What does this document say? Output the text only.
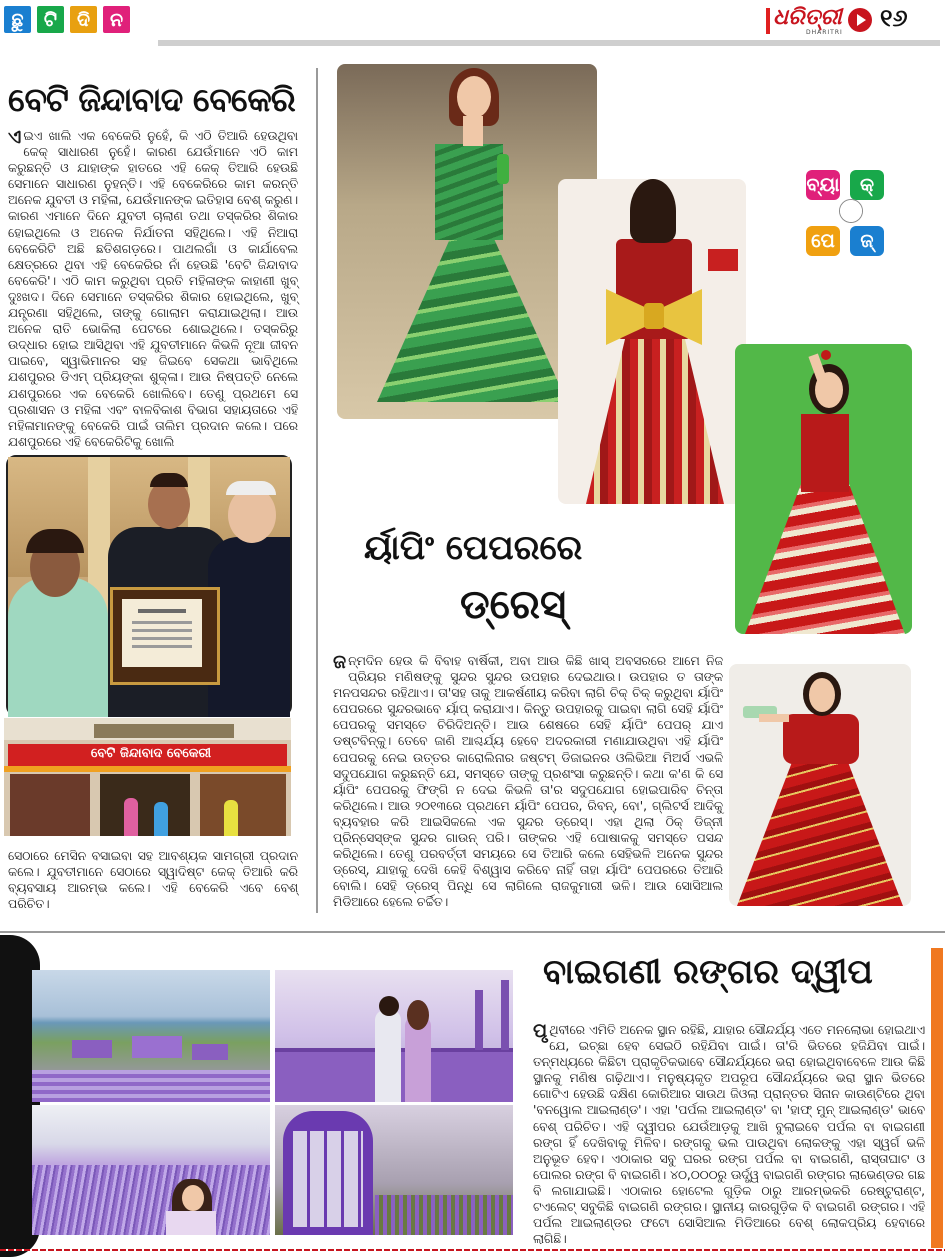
ଛୁ	ଟି	ଦି	ନ	ଧରିତ୍ରୀ
DHARITRI
୧୬
ବେଟି ଜିନ୍ଦାବାଦ ବେକେରି
ଏଇଏ ଖାଲି ଏକ ବେକେରି ନୁହେଁ, କି ଏଠି ତିଆରି ହେଉଥିବା କେକ୍ ସାଧାରଣ ନୁହେଁ। କାରଣ ଯେଉଁମାନେ ଏଠି କାମ କରୁଛନ୍ତି ଓ ଯାହାଙ୍କ ହାତରେ ଏହି କେକ୍ ତିଆରି ହେଉଛି ସେମାନେ ସାଧାରଣ ନୁହନ୍ତି। ଏହି ବେକେରିରେ କାମ କରନ୍ତି ଅନେକ ଯୁବତୀ ଓ ମହିଳା, ଯେଉଁମାନଙ୍କ ଇତିହାସ ବେଶ୍ କରୁଣ। କାରଣ ଏମାନେ ଦିନେ ଯୁବତୀ ଚାଲାଣ ତଥା ତସ୍କରିର ଶିକାର ହୋଇଥିଲେ ଓ ଅନେକ ନିର୍ଯାତନା ସହିଥିଲେ। ଏହି ନିଆରା ବେକେରିଟି ଅଛି ଛତିଶଗଡ଼ରେ। ପାଥଲଗାଁ ଓ କାର୍ଯାବେଲ କ୍ଷେତ୍ରରେ ଥିବା ଏହି ବେକେରିର ନାଁ ହେଉଛି 'ବେଟି ଜିନ୍ଦାବାଦ ବେକେରି'। ଏଠି କାମ କରୁଥିବା ପ୍ରତି ମହିଳାଙ୍କ କାହାଣୀ ଖୁବ୍ ଦୁଃଖଦ। ଦିନେ ସେମାନେ ତସ୍କରିର ଶିକାର ହୋଇଥିଲେ, ଖୁବ୍ ଯନ୍ତ୍ରଣା ସହିଥିଲେ, ତାଙ୍କୁ ଗୋଲାମ କରାଯାଇଥିଲା। ଆଉ ଅନେକ ରାତି ଭୋକିଲା ପେଟରେ ଶୋଇଥିଲେ। ତସ୍କରିରୁ ଉଦ୍ଧାର ହୋଇ ଆସିଥିବା ଏହି ଯୁବତୀମାନେ କିଭଳି ନୂଆ ଜୀବନ ପାଇବେ, ସ୍ୱାଭିମାନର ସହ ଜିଇବେ ସେକଥା ଭାବିଥିଲେ ଯଶପୁରର ଡିଏମ୍ ପ୍ରିୟଙ୍କା ଶୁକ୍ଳା। ଆଉ ନିଷ୍ପତ୍ତି ନେଲେ ଯଶପୁରରେ ଏକ ବେକେରି ଖୋଲିବେ। ତେଣୁ ପ୍ରଥମେ ସେ ପ୍ରଶାସନ ଓ ମହିଳା ଏବଂ ବାଳବିକାଶ ବିଭାଗ ସହାୟତାରେ ଏହି ମହିଳାମାନଙ୍କୁ ବେକେରି ପାଇଁ ତାଲିମ ପ୍ରଦାନ କଲେ। ପରେ ଯଶପୁରରେ ଏହି ବେକେରିଟିକୁ ଖୋଲି
ବେଟି ଜିନ୍ଦାବାଦ ବେକେରୀ
ସେଠାରେ ମେସିନ ବସାଇବା ସହ ଆବଶ୍ୟକ ସାମଗ୍ରୀ ପ୍ରଦାନ କଲେ। ଯୁବତୀମାନେ ସେଠାରେ ସ୍ୱାଦିଷ୍ଟ କେକ୍ ତିଆରି କରି ବ୍ୟବସାୟ ଆରମ୍ଭ କଲେ। ଏହି ବେକେରି ଏବେ ବେଶ୍ ପରିଚିତ।
ବ୍ୟା	କ୍
ପେ	ଜ୍
ର୍ୟାପିଂ ପେପରରେ
ଡ୍ରେସ୍
ଜନ୍ମଦିନ ହେଉ କି ବିବାହ ବାର୍ଷିକୀ, ଅବା ଆଉ କିଛି ଖାସ୍ ଅବସରରେ ଆମେ ନିଜ ପ୍ରିୟର ମଣିଷଙ୍କୁ ସୁନ୍ଦର ସୁନ୍ଦର ଉପହାର ଦେଇଥାଉ। ଉପହାର ତ ତାଙ୍କ ମନପସନ୍ଦର ରହିଥାଏ। ତା'ସହ ତାକୁ ଆକର୍ଷଣୀୟ କରିବା ଲାଗି ଚିକ୍ ଚିକ୍ କରୁଥିବା ର୍ୟାପିଂ ପେପରରେ ସୁନ୍ଦରଭାବେ ର୍ୟାପ୍ କରାଯାଏ। କିନ୍ତୁ ଉପହାରକୁ ପାଇବା ଲାଗି ସେହି ର୍ୟାପିଂ ପେପରକୁ ସମସ୍ତେ ଚିରିଦିଅନ୍ତି। ଆଉ ଶେଷରେ ସେହି ର୍ୟାପିଂ ପେପର୍ ଯାଏ ଡଷ୍ଟବିନ୍‌କୁ। ତେବେ ଜାଣି ଆଶ୍ଚର୍ଯ୍ୟ ହେବେ ଅଦରକାରୀ ମଣାଯାଉଥିବା ଏହି ର୍ୟାପିଂ ପେପରକୁ ନେଇ ଉତ୍ତର କାରୋଲିନାର ଜଷ୍ଟମ୍ ଡିଜାଇନର ଓଲିଭିଆ ମିଅର୍ସ ଏଭଳି ସଦୁପଯୋଗ କରୁଛନ୍ତି ଯେ, ସମସ୍ତେ ତାଙ୍କୁ ପ୍ରଶଂସା କରୁଛନ୍ତି। କଥା କ'ଣ କି ସେ ର୍ୟାପିଂ ପେପରକୁ ଫିଙ୍ଗି ନ ଦେଇ କିଭଳି ତା'ର ସଦୁପଯୋଗ ହୋଇପାରିବ ଚିନ୍ତା କରିଥିଲେ। ଆଉ ୨୦୧୩ରେ ପ୍ରଥମେ ର୍ୟାପିଂ ପେପର, ରିବନ୍, ବୋ', ଗ୍ଲିଟର୍ସ ଆଦିକୁ ବ୍ୟବହାର କରି ଆଇସିକଲେ ଏକ ସୁନ୍ଦର ଡ୍ରେସ୍। ଏହା ଥିଲା ଠିକ୍ ଡିଜ୍ନୀ ପ୍ରିନ୍ସେସ୍ଙ୍କ ସୁନ୍ଦର ଗାଉନ୍ ପରି। ତାଙ୍କର ଏହି ପୋଷାକକୁ ସମସ୍ତେ ପସନ୍ଦ କରିଥିଲେ। ତେଣୁ ପରବର୍ତ୍ତୀ ସମୟରେ ସେ ତିଆରି କଲେ ସେହିଭଳି ଅନେକ ସୁନ୍ଦର ଡ୍ରେସ୍, ଯାହାକୁ ଦେଖି କେହି ବିଶ୍ୱାସ କରିବେ ନାହିଁ ତାହା ର୍ୟାପିଂ ପେପରରେ ତିଆରି ବୋଲି। ସେହି ଡ୍ରେସ୍ ପିନ୍ଧି ସେ ଲାଗିଲେ ରାଜକୁମାରୀ ଭଳି। ଆଉ ସୋସିଆଲ ମିଡିଆରେ ହେଲେ ଚର୍ଚ୍ଚିତ।
ବାଇଗଣୀ ରଙ୍ଗର ଦ୍ୱୀପ
ପୃଥିବୀରେ ଏମିତି ଅନେକ ସ୍ଥାନ ରହିଛି, ଯାହାର ସୌନ୍ଦର୍ଯ୍ୟ ଏତେ ମନଲୋଭା ହୋଇଥାଏ ଯେ, ଇଚ୍ଛା ହେବ ସେଇଠି ରହିଯିବା ପାଇଁ। ତା'ରି ଭିତରେ ହଜିଯିବା ପାଇଁ। ତନ୍ମଧ୍ୟରେ କିଛିଟା ପ୍ରାକୃତିକଭାବେ ସୌନ୍ଦର୍ଯ୍ୟରେ ଭରା ହୋଇଥିବାବେଳେ ଆଉ କିଛି ସ୍ଥାନକୁ ମଣିଷ ଗଢ଼ିଥାଏ। ମନୁଷ୍ୟକୃତ ଅପରୂପ ସୌନ୍ଦର୍ଯ୍ୟରେ ଭରା ସ୍ଥାନ ଭିତରେ ଗୋଟିଏ ହେଉଛି ଦକ୍ଷିଣ କୋରିଆର ସାଉଥ ଜିଓଲା ପ୍ରାନ୍ତର ସିନାନ କାଉଣ୍ଟିରେ ଥିବା 'ବନୱୋଲ ଆଇଲାଣ୍ଡ'। ଏହା 'ପର୍ପଲ ଆଇଲାଣ୍ଡ' ବା 'ହାଫ୍ ମୁନ୍ ଆଇଲାଣ୍ଡ' ଭାବେ ବେଶ୍ ପରିଚିତ। ଏହି ଦ୍ୱୀପର ଯେଉଁଆଡ଼କୁ ଆଖି ବୁଲାଇବେ ପର୍ପଲ ବା ବାଇଗଣୀ ରଙ୍ଗ ହିଁ ଦେଖିବାକୁ ମିଳିବ। ରଙ୍ଗକୁ ଭଲ ପାଉଥିବା ଲୋକଙ୍କୁ ଏହା ସ୍ୱର୍ଗ ଭଳି ଅନୁଭୂତ ହେବ। ଏଠାକାର ସବୁ ଘରର ରଙ୍ଗ ପର୍ପଲ ବା ବାଇଗଣି, ରାସ୍ତାଘାଟ ଓ ପୋଲର ରଙ୍ଗ ବି ବାଇଗଣି। ୪୦,୦୦୦ରୁ ଊର୍ଦ୍ଧ୍ୱ ବାଇଗଣି ରଙ୍ଗର ଲାଭେଣ୍ଡର ଗଛ ବି ଲଗାଯାଇଛି। ଏଠାକାର ହୋଟେଲ ଗୁଡ଼ିକ ଠାରୁ ଆରମ୍ଭକରି ରେଷ୍ଟୁରାଣ୍ଟ, ଟଏଲେଟ୍ ସବୁକିଛି ବାଇଗଣି ରଙ୍ଗର। ସ୍ଥାନୀୟ କାରଗୁଡ଼ିକ ବି ବାଇଗଣି ରଙ୍ଗର। ଏହି ପର୍ପଲ ଆଇଲାଣ୍ଡର ଫଟୋ ସୋସିଆଲ ମିଡିଆରେ ବେଶ୍ ଲୋକପ୍ରିୟ ହେବାରେ ଲାଗିଛି।
